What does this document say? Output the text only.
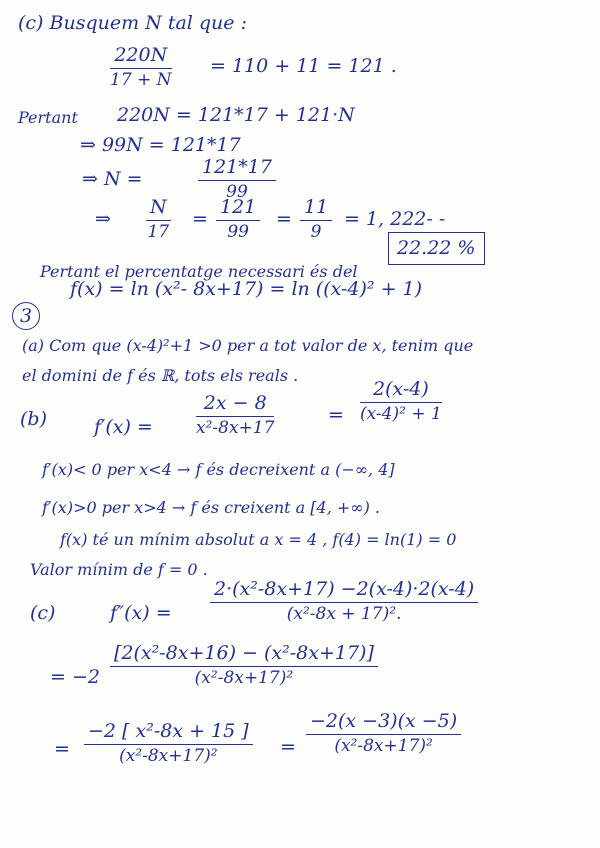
(c) Busquem N tal que :
220N
17 + N
= 110 + 11 = 121 .
Pertant 220N = 121*17 + 121·N
⇒ 99N = 121*17
⇒ N =
121*17
99
⇒
N
17
=
121
99
=
11
9
= 1, 222- -
Pertant el percentatge necessari és del
22.22 %
3
f(x) = ln (x²- 8x+17) = ln ((x-4)² + 1)
(a) Com que (x-4)²+1 >0 per a tot valor de x, tenim que
el domini de f és ℝ, tots els reals .
(b) f′(x) =
2x − 8
x²-8x+17
=
2(x-4)
(x-4)² + 1
f′(x)< 0 per x<4 → f és decreixent a (−∞, 4]
f′(x)>0 per x>4 → f és creixent a [4, +∞) .
f(x) té un mínim absolut a x = 4 , f(4) = ln(1) = 0
Valor mínim de f = 0 .
(c)	f″(x) =
2·(x²-8x+17) −2(x-4)·2(x-4)
(x²-8x + 17)².
= −2
[2(x²-8x+16) − (x²-8x+17)]
(x²-8x+17)²
=
−2 [ x²-8x + 15 ]
(x²-8x+17)²	=
−2(x −3)(x −5)
(x²-8x+17)²
